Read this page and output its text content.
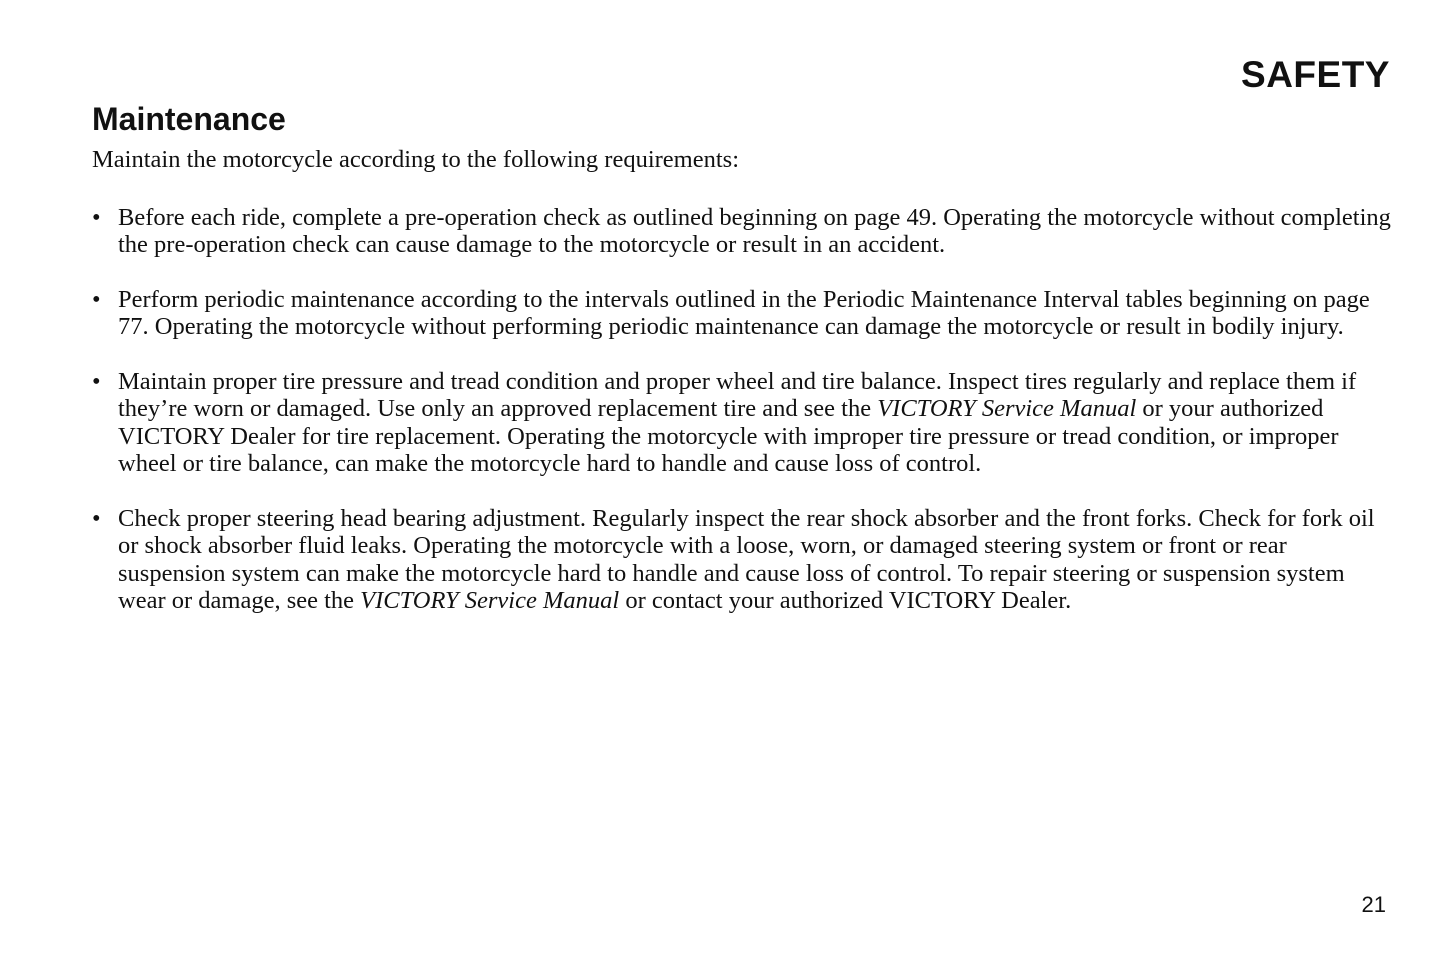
SAFETY
Maintenance

Maintain the motorcycle according to the following requirements:

• Before each ride, complete a pre-operation check as outlined beginning on page 49. Operating the motorcycle without completing the pre-operation check can cause damage to the motorcycle or result in an accident.
• Perform periodic maintenance according to the intervals outlined in the Periodic Maintenance Interval tables beginning on page 77. Operating the motorcycle without performing periodic maintenance can damage the motorcycle or result in bodily injury.
• Maintain proper tire pressure and tread condition and proper wheel and tire balance. Inspect tires regularly and replace them if they’re worn or damaged. Use only an approved replacement tire and see the VICTORY Service Manual or your authorized VICTORY Dealer for tire replacement. Operating the motorcycle with improper tire pressure or tread condition, or improper wheel or tire balance, can make the motorcycle hard to handle and cause loss of control.
• Check proper steering head bearing adjustment. Regularly inspect the rear shock absorber and the front forks. Check for fork oil or shock absorber fluid leaks. Operating the motorcycle with a loose, worn, or damaged steering system or front or rear suspension system can make the motorcycle hard to handle and cause loss of control. To repair steering or suspension system wear or damage, see the VICTORY Service Manual or contact your authorized VICTORY Dealer.
21
